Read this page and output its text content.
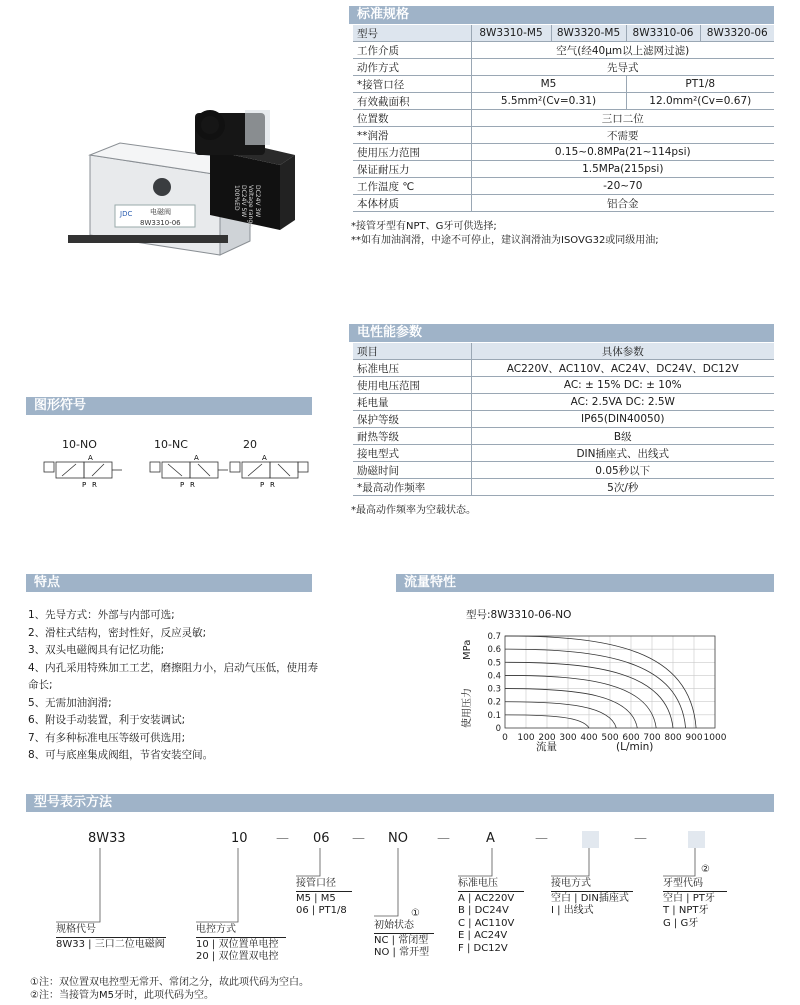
JDC	电磁阀
8W3310-06
DC24V 3W Voltage range DC24V 5W 100%ED
标准规格
型号	8W3310-M5	8W3320-M5	8W3310-06	8W3320-06
工作介质	空气(经40μm以上滤网过滤)			
动作方式	先导式			
*接管口径	M5		PT1/8	
有效截面积	5.5mm²(Cv=0.31)		12.0mm²(Cv=0.67)	
位置数	三口二位			
**润滑	不需要			
使用压力范围	0.15~0.8MPa(21~114psi)			
保证耐压力	1.5MPa(215psi)			
工作温度 ℃	-20~70			
本体材质	铝合金			
*接管牙型有NPT、G牙可供选择;
**如有加油润滑，中途不可停止，建议润滑油为ISOVG32或同级用油;
电性能参数
项目	具体参数
标准电压	AC220V、AC110V、AC24V、DC24V、DC12V
使用电压范围	AC: ± 15% DC: ± 10%
耗电量	AC: 2.5VA DC: 2.5W
保护等级	IP65(DIN40050)
耐热等级	B级
接电型式	DIN插座式、出线式
励磁时间	0.05秒以下
*最高动作频率	5次/秒
*最高动作频率为空载状态。
图形符号
10-NO	10-NC	20
A
P R
A
P R
A
P R
特点
1、先导方式：外部与内部可选;
2、滑柱式结构，密封性好，反应灵敏;
3、双头电磁阀具有记忆功能;
4、内孔采用特殊加工工艺，磨擦阻力小，启动气压低，使用寿命长;
5、无需加油润滑;
6、附设手动装置，利于安装调试;
7、有多种标准电压等级可供选用;
8、可与底座集成阀组，节省安装空间。
流量特性
型号:8W3310-06-NO
0 100 200 300 400 500 600 700 800 900 1000
0
0.1
0.2
0.3
0.4
0.5
0.6
0.7
使用压力
MPa
流量	(L/min)
型号表示方法
8W33	10 — 06 — NO —	A	—	—
①
②
规格代号
8W33 | 三口二位电磁阀
电控方式
10 | 双位置单电控
20 | 双位置双电控
接管口径
M5 | M5
06 | PT1/8
初始状态
NC | 常闭型
NO | 常开型
标准电压
A | AC220V
B | DC24V
C | AC110V
E | AC24V
F | DC12V
接电方式
空白 | DIN插座式
I | 出线式
牙型代码
空白 | PT牙
T | NPT牙
G | G牙
①注：双位置双电控型无常开、常闭之分，故此项代码为空白。
②注：当接管为M5牙时，此项代码为空。
